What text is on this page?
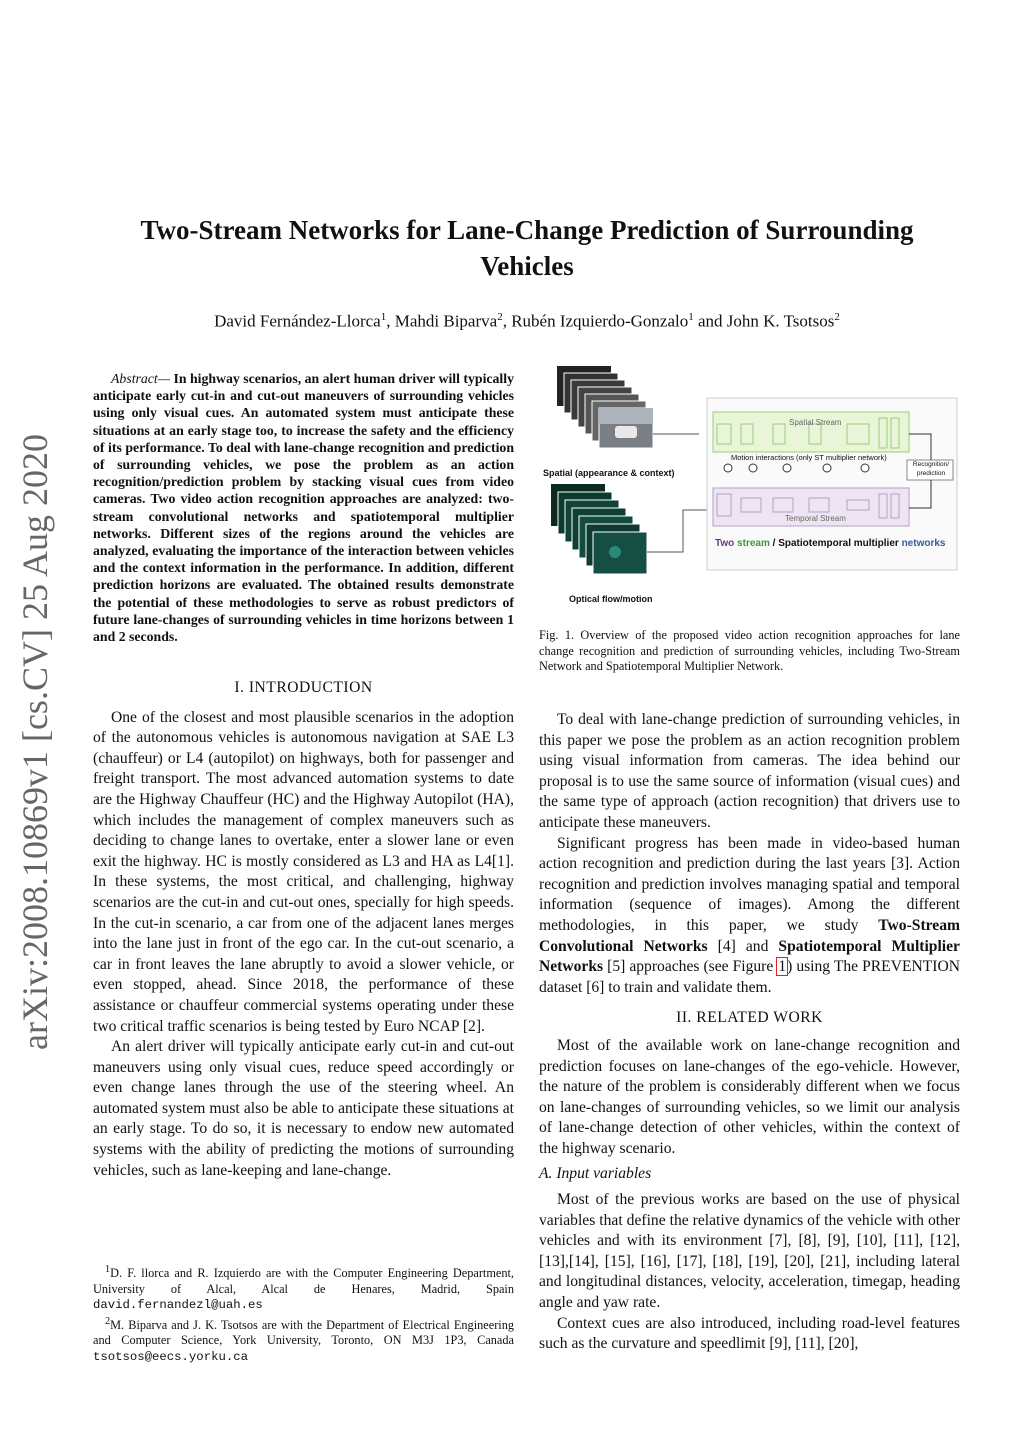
arXiv:2008.10869v1 [cs.CV] 25 Aug 2020
Two-Stream Networks for Lane-Change Prediction of Surrounding Vehicles
David Fernández-Llorca$^1$, Mahdi Biparva$^2$, Rubén Izquierdo-Gonzalo$^1$ and John K. Tsotsos$^2$
Abstract— In highway scenarios, an alert human driver will typically anticipate early cut-in and cut-out maneuvers of surrounding vehicles using only visual cues. An automated system must anticipate these situations at an early stage too, to increase the safety and the efficiency of its performance. To deal with lane-change recognition and prediction of surrounding vehicles, we pose the problem as an action recognition/prediction problem by stacking visual cues from video cameras. Two video action recognition approaches are analyzed: two-stream convolutional networks and spatiotemporal multiplier networks. Different sizes of the regions around the vehicles are analyzed, evaluating the importance of the interaction between vehicles and the context information in the performance. In addition, different prediction horizons are evaluated. The obtained results demonstrate the potential of these methodologies to serve as robust predictors of future lane-changes of surrounding vehicles in time horizons between 1 and 2 seconds.
I. INTRODUCTION

One of the closest and most plausible scenarios in the adoption of the autonomous vehicles is autonomous navigation at SAE L3 (chauffeur) or L4 (autopilot) on highways, both for passenger and freight transport. The most advanced automation systems to date are the Highway Chauffeur (HC) and the Highway Autopilot (HA), which includes the management of complex maneuvers such as deciding to change lanes to overtake, enter a slower lane or even exit the highway. HC is mostly considered as L3 and HA as L4[1]. In these systems, the most critical, and challenging, highway scenarios are the cut-in and cut-out ones, specially for high speeds. In the cut-in scenario, a car from one of the adjacent lanes merges into the lane just in front of the ego car. In the cut-out scenario, a car in front leaves the lane abruptly to avoid a slower vehicle, or even stopped, ahead. Since 2018, the performance of these assistance or chauffeur commercial systems operating under these two critical traffic scenarios is being tested by Euro NCAP [2].

An alert driver will typically anticipate early cut-in and cut-out maneuvers using only visual cues, reduce speed accordingly or even change lanes through the use of the steering wheel. An automated system must also be able to anticipate these situations at an early stage. To do so, it is necessary to endow new automated systems with the ability of predicting the motions of surrounding vehicles, such as lane-keeping and lane-change.

$^1$D. F. llorca and R. Izquierdo are with the Computer Engineering Department, University of Alcal, Alcal de Henares, Madrid, Spain david.fernandezl@uah.es

$^2$M. Biparva and J. K. Tsotsos are with the Department of Electrical Engineering and Computer Science, York University, Toronto, ON M3J 1P3, Canada tsotsos@eecs.yorku.ca

Spatial (appearance & context)
Optical flow/motion
Spatial Stream
Temporal Stream
Motion interactions (only ST multiplier network)
Recognition/
prediction
Two stream / Spatiotemporal multiplier networks
Fig. 1. Overview of the proposed video action recognition approaches for lane change recognition and prediction of surrounding vehicles, including Two-Stream Network and Spatiotemporal Multiplier Network.

To deal with lane-change prediction of surrounding vehicles, in this paper we pose the problem as an action recognition problem using visual information from cameras. The idea behind our proposal is to use the same source of information (visual cues) and the same type of approach (action recognition) that drivers use to anticipate these maneuvers.

Significant progress has been made in video-based human action recognition and prediction during the last years [3]. Action recognition and prediction involves managing spatial and temporal information (sequence of images). Among the different methodologies, in this paper, we study Two-Stream Convolutional Networks [4] and Spatiotemporal Multiplier Networks [5] approaches (see Figure 1) using The PREVENTION dataset [6] to train and validate them.

II. RELATED WORK

Most of the available work on lane-change recognition and prediction focuses on lane-changes of the ego-vehicle. However, the nature of the problem is considerably different when we focus on lane-changes of surrounding vehicles, so we limit our analysis of lane-change detection of other vehicles, within the context of the highway scenario.

A. Input variables

Most of the previous works are based on the use of physical variables that define the relative dynamics of the vehicle with other vehicles and with its environment [7], [8], [9], [10], [11], [12], [13],[14], [15], [16], [17], [18], [19], [20], [21], including lateral and longitudinal distances, velocity, acceleration, timegap, heading angle and yaw rate.

Context cues are also introduced, including road-level features such as the curvature and speedlimit [9], [11], [20],
